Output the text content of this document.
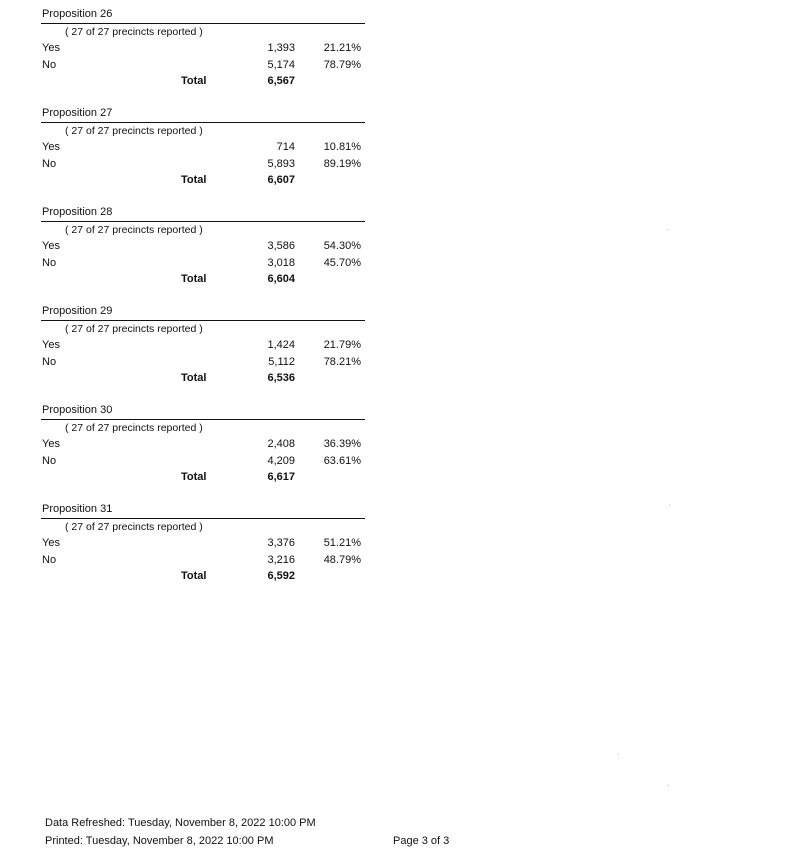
Proposition 26
( 27 of 27 precincts reported )
Yes	1,393	21.21%
No	5,174	78.79%
Total	6,567
Proposition 27
( 27 of 27 precincts reported )
Yes	714	10.81%
No	5,893	89.19%
Total	6,607
Proposition 28
( 27 of 27 precincts reported )
Yes	3,586	54.30%
No	3,018	45.70%
Total	6,604
Proposition 29
( 27 of 27 precincts reported )
Yes	1,424	21.79%
No	5,112	78.21%
Total	6,536
Proposition 30
( 27 of 27 precincts reported )
Yes	2,408	36.39%
No	4,209	63.61%
Total	6,617
Proposition 31
( 27 of 27 precincts reported )
Yes	3,376	51.21%
No	3,216	48.79%
Total	6,592
Data Refreshed: Tuesday, November 8, 2022 10:00 PM
Printed: Tuesday, November 8, 2022 10:00 PM	Page 3 of 3
